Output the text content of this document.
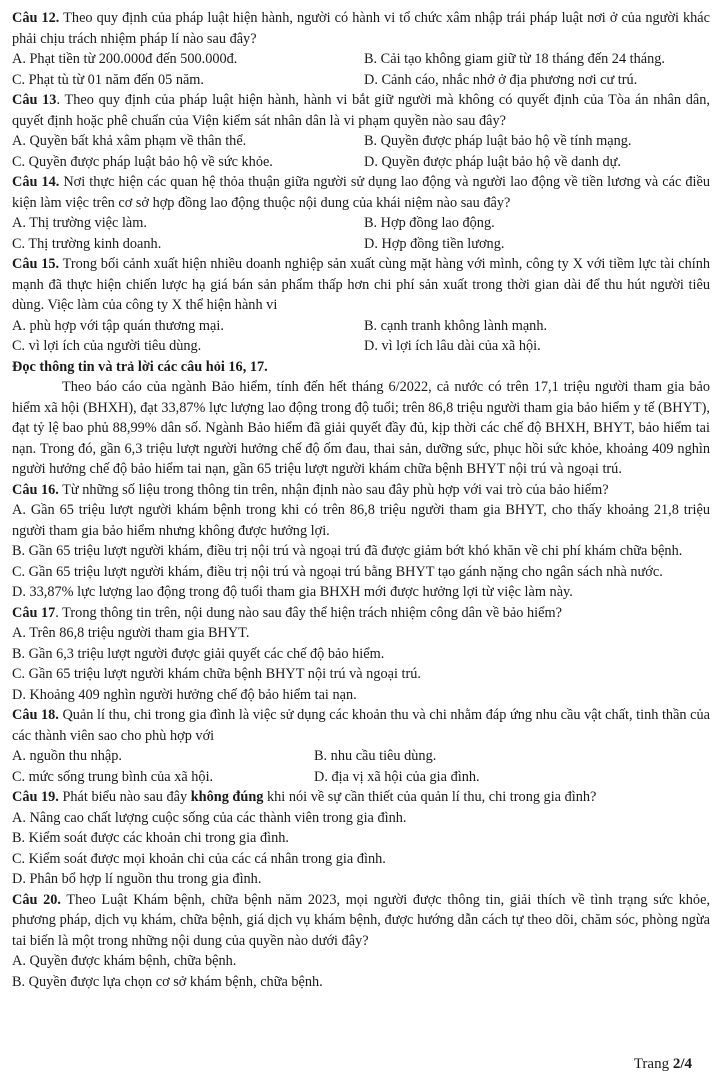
Câu 12. Theo quy định của pháp luật hiện hành, người có hành vi tổ chức xâm nhập trái pháp luật nơi ở của người khác phải chịu trách nhiệm pháp lí nào sau đây?

A. Phạt tiền từ 200.000đ đến 500.000đ.	B. Cải tạo không giam giữ từ 18 tháng đến 24 tháng.

C. Phạt tù từ 01 năm đến 05 năm.	D. Cảnh cáo, nhắc nhở ở địa phương nơi cư trú.

Câu 13. Theo quy định của pháp luật hiện hành, hành vi bắt giữ người mà không có quyết định của Tòa án nhân dân, quyết định hoặc phê chuẩn của Viện kiểm sát nhân dân là vi phạm quyền nào sau đây?

A. Quyền bất khả xâm phạm về thân thể.	B. Quyền được pháp luật bảo hộ về tính mạng.

C. Quyền được pháp luật bảo hộ về sức khỏe.	D. Quyền được pháp luật bảo hộ về danh dự.

Câu 14. Nơi thực hiện các quan hệ thỏa thuận giữa người sử dụng lao động và người lao động về tiền lương và các điều kiện làm việc trên cơ sở hợp đồng lao động thuộc nội dung của khái niệm nào sau đây?

A. Thị trường việc làm.	B. Hợp đồng lao động.

C. Thị trường kinh doanh.	D. Hợp đồng tiền lương.

Câu 15. Trong bối cảnh xuất hiện nhiều doanh nghiệp sản xuất cùng mặt hàng với mình, công ty X với tiềm lực tài chính mạnh đã thực hiện chiến lược hạ giá bán sản phẩm thấp hơn chi phí sản xuất trong thời gian dài để thu hút người tiêu dùng. Việc làm của công ty X thể hiện hành vi

A. phù hợp với tập quán thương mại.	B. cạnh tranh không lành mạnh.

C. vì lợi ích của người tiêu dùng.	D. vì lợi ích lâu dài của xã hội.

Đọc thông tin và trả lời các câu hỏi 16, 17.

Theo báo cáo của ngành Bảo hiểm, tính đến hết tháng 6/2022, cả nước có trên 17,1 triệu người tham gia bảo hiểm xã hội (BHXH), đạt 33,87% lực lượng lao động trong độ tuổi; trên 86,8 triệu người tham gia bảo hiểm y tế (BHYT), đạt tỷ lệ bao phủ 88,99% dân số. Ngành Bảo hiểm đã giải quyết đầy đủ, kịp thời các chế độ BHXH, BHYT, bảo hiểm tai nạn. Trong đó, gần 6,3 triệu lượt người hưởng chế độ ốm đau, thai sản, dưỡng sức, phục hồi sức khỏe, khoảng 409 nghìn người hưởng chế độ bảo hiểm tai nạn, gần 65 triệu lượt người khám chữa bệnh BHYT nội trú và ngoại trú.

Câu 16. Từ những số liệu trong thông tin trên, nhận định nào sau đây phù hợp với vai trò của bảo hiểm?

A. Gần 65 triệu lượt người khám bệnh trong khi có trên 86,8 triệu người tham gia BHYT, cho thấy khoảng 21,8 triệu người tham gia bảo hiểm nhưng không được hưởng lợi.

B. Gần 65 triệu lượt người khám, điều trị nội trú và ngoại trú đã được giảm bớt khó khăn về chi phí khám chữa bệnh.

C. Gần 65 triệu lượt người khám, điều trị nội trú và ngoại trú bằng BHYT tạo gánh nặng cho ngân sách nhà nước.

D. 33,87% lực lượng lao động trong độ tuổi tham gia BHXH mới được hưởng lợi từ việc làm này.

Câu 17. Trong thông tin trên, nội dung nào sau đây thể hiện trách nhiệm công dân về bảo hiểm?

A. Trên 86,8 triệu người tham gia BHYT.

B. Gần 6,3 triệu lượt người được giải quyết các chế độ bảo hiểm.

C. Gần 65 triệu lượt người khám chữa bệnh BHYT nội trú và ngoại trú.

D. Khoảng 409 nghìn người hưởng chế độ bảo hiểm tai nạn.

Câu 18. Quản lí thu, chi trong gia đình là việc sử dụng các khoản thu và chi nhằm đáp ứng nhu cầu vật chất, tinh thần của các thành viên sao cho phù hợp với

A. nguồn thu nhập.	B. nhu cầu tiêu dùng.

C. mức sống trung bình của xã hội.	D. địa vị xã hội của gia đình.

Câu 19. Phát biểu nào sau đây không đúng khi nói về sự cần thiết của quản lí thu, chi trong gia đình?

A. Nâng cao chất lượng cuộc sống của các thành viên trong gia đình.

B. Kiểm soát được các khoản chi trong gia đình.

C. Kiểm soát được mọi khoản chi của các cá nhân trong gia đình.

D. Phân bổ hợp lí nguồn thu trong gia đình.

Câu 20. Theo Luật Khám bệnh, chữa bệnh năm 2023, mọi người được thông tin, giải thích về tình trạng sức khỏe, phương pháp, dịch vụ khám, chữa bệnh, giá dịch vụ khám bệnh, được hướng dẫn cách tự theo dõi, chăm sóc, phòng ngừa tai biến là một trong những nội dung của quyền nào dưới đây?

A. Quyền được khám bệnh, chữa bệnh.

B. Quyền được lựa chọn cơ sở khám bệnh, chữa bệnh.

Trang 2/4
